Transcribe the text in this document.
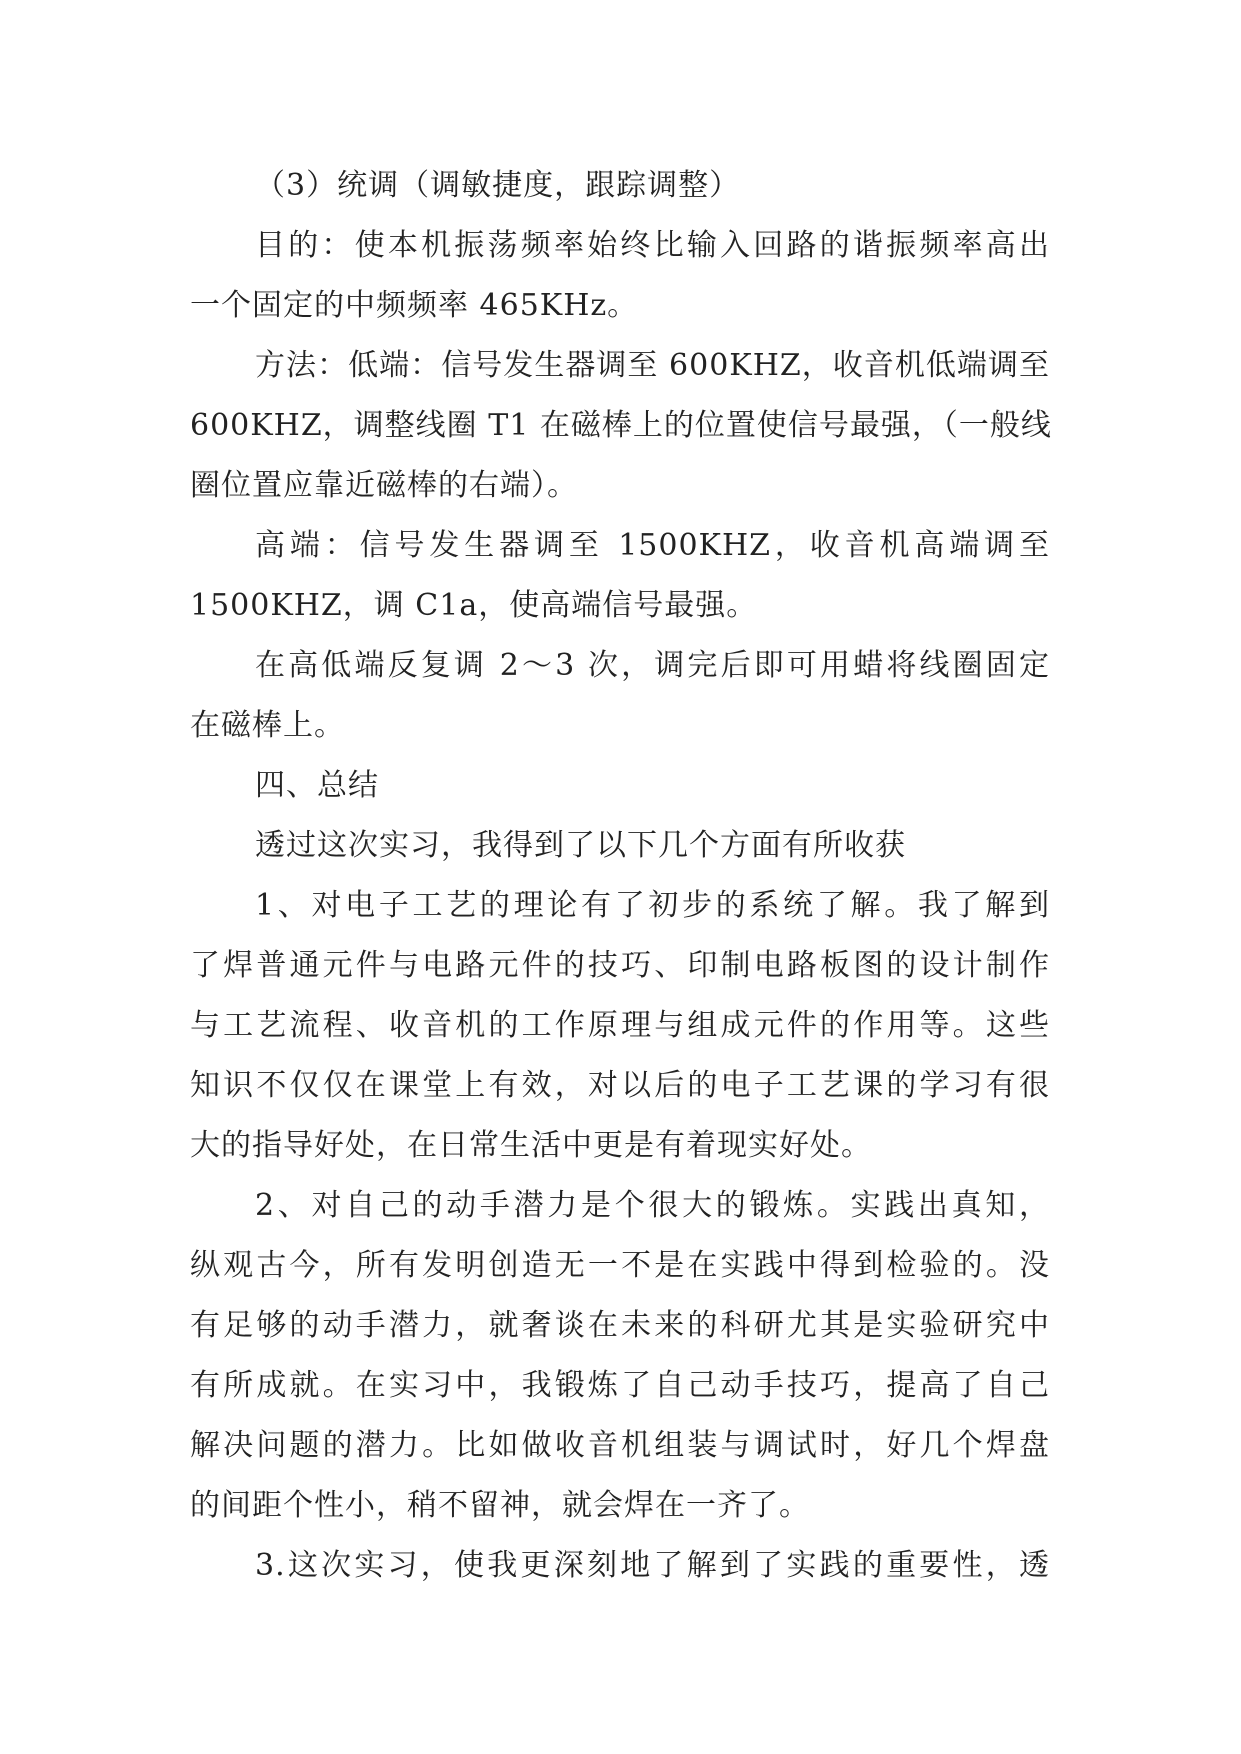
（3）统调（调敏捷度，跟踪调整）
目的：使本机振荡频率始终比输入回路的谐振频率高出
一个固定的中频频率 465KHz。
方法：低端：信号发生器调至 600KHZ，收音机低端调至
600KHZ，调整线圈 T1 在磁棒上的位置使信号最强，（一般线
圈位置应靠近磁棒的右端）。
高端：信号发生器调至 1500KHZ，收音机高端调至
1500KHZ，调 C1a，使高端信号最强。
在高低端反复调 2～3 次，调完后即可用蜡将线圈固定
在磁棒上。
四、总结
透过这次实习，我得到了以下几个方面有所收获
1、对电子工艺的理论有了初步的系统了解。我了解到
了焊普通元件与电路元件的技巧、印制电路板图的设计制作
与工艺流程、收音机的工作原理与组成元件的作用等。这些
知识不仅仅在课堂上有效，对以后的电子工艺课的学习有很
大的指导好处，在日常生活中更是有着现实好处。
2、对自己的动手潜力是个很大的锻炼。实践出真知，
纵观古今，所有发明创造无一不是在实践中得到检验的。没
有足够的动手潜力，就奢谈在未来的科研尤其是实验研究中
有所成就。在实习中，我锻炼了自己动手技巧，提高了自己
解决问题的潜力。比如做收音机组装与调试时，好几个焊盘
的间距个性小，稍不留神，就会焊在一齐了。
3.这次实习，使我更深刻地了解到了实践的重要性，透
